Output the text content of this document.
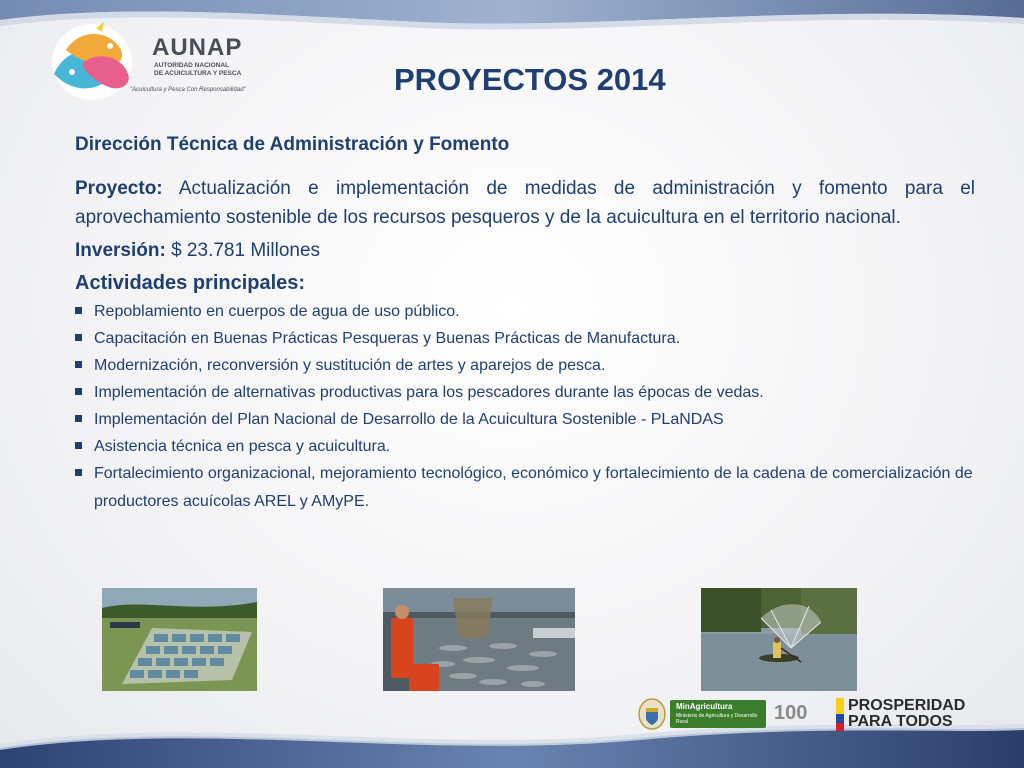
AUNAP
AUTORIDAD NACIONAL
DE ACUICULTURA Y PESCA
"Acuicultura y Pesca Con Responsabilidad"	PROYECTOS 2014
Dirección Técnica de Administración y Fomento
Proyecto: Actualización e implementación de medidas de administración y fomento para el aprovechamiento sostenible de los recursos pesqueros y de la acuicultura en el territorio nacional.
Inversión: $ 23.781 Millones
Actividades principales:
Repoblamiento en cuerpos de agua de uso público.
Capacitación en Buenas Prácticas Pesqueras y Buenas Prácticas de Manufactura.
Modernización, reconversión y sustitución de artes y aparejos de pesca.
Implementación de alternativas productivas para los pescadores durante las épocas de vedas.
Implementación del Plan Nacional de Desarrollo de la Acuicultura Sostenible - PLaNDAS
Asistencia técnica en pesca y acuicultura.
Fortalecimiento organizacional, mejoramiento tecnológico, económico y fortalecimiento de la cadena de comercialización de productores acuícolas AREL y AMyPE.
MinAgricultura
Ministerio de Agricultura y Desarrollo Rural	100	PROSPERIDAD
PARA TODOS
